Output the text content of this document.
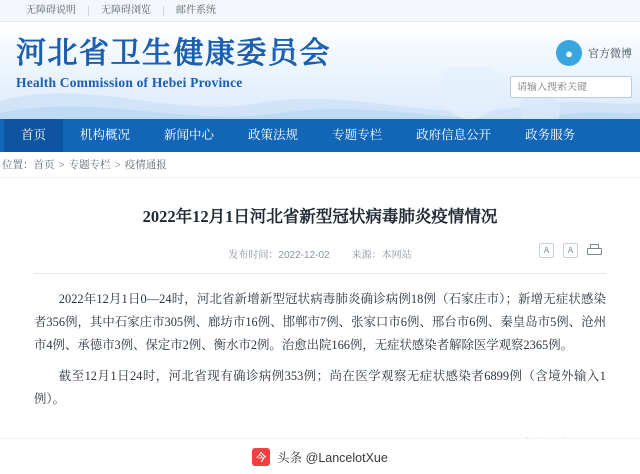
无障碍说明	无障碍浏览	邮件系统
河北省卫生健康委员会
Health Commission of Hebei Province
●	官方微博
请输入搜索关键
首页	机构概况	新闻中心	政策法规	专题专栏	政府信息公开	政务服务
位置： 首页 > 专题专栏 > 疫情通报
2022年12月1日河北省新型冠状病毒肺炎疫情情况
发布时间：2022-12-02 来源：本网站	A	A

2022年12月1日0—24时，河北省新增新型冠状病毒肺炎确诊病例18例（石家庄市）；新增无症状感染者356例，其中石家庄市305例、廊坊市16例、邯郸市7例、张家口市6例、邢台市6例、秦皇岛市5例、沧州市4例、承德市3例、保定市2例、衡水市2例。治愈出院166例，无症状感染者解除医学观察2365例。

截至12月1日24时，河北省现有确诊病例353例；尚在医学观察无症状感染者6899例（含境外输入1例）。

今 头条 @LancelotXue
